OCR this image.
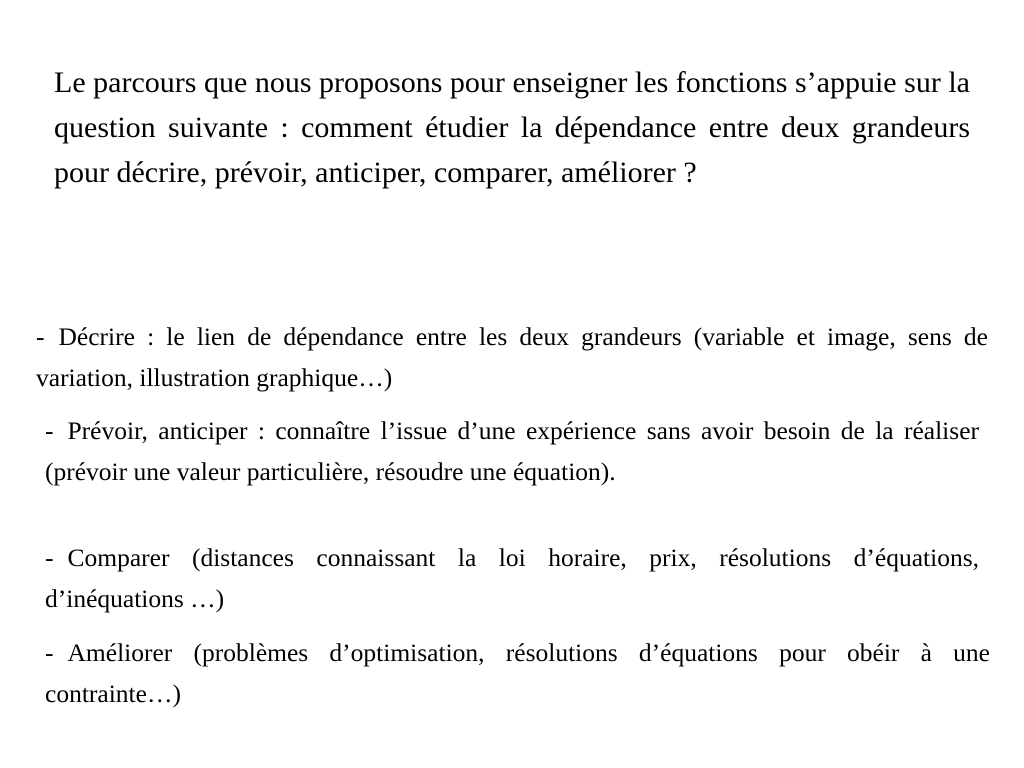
Le parcours que nous proposons pour enseigner les fonctions s’appuie sur la question suivante : comment étudier la dépendance entre deux grandeurs pour décrire, prévoir, anticiper, comparer, améliorer ?

- Décrire : le lien de dépendance entre les deux grandeurs (variable et image, sens de variation, illustration graphique…)

- Prévoir, anticiper : connaître l’issue d’une expérience sans avoir besoin de la réaliser (prévoir une valeur particulière, résoudre une équation).

- Comparer (distances connaissant la loi horaire, prix, résolutions d’équations, d’inéquations …)

- Améliorer (problèmes d’optimisation, résolutions d’équations pour obéir à une contrainte…)
